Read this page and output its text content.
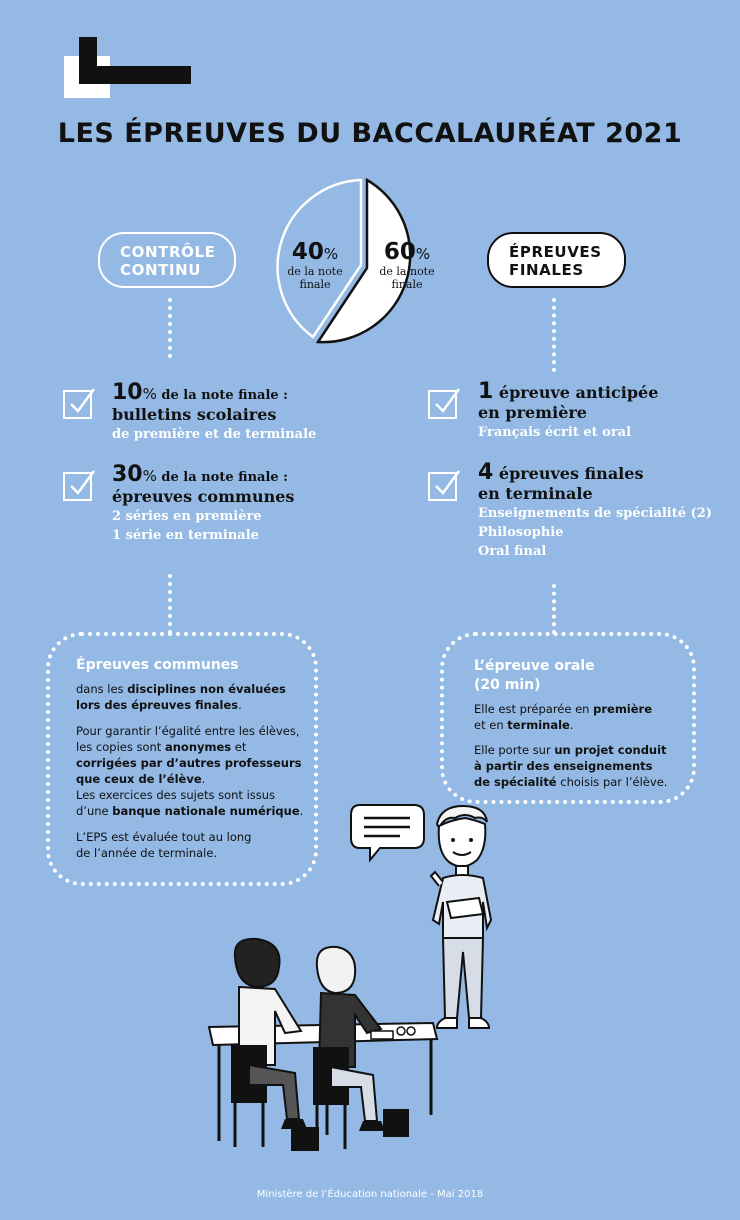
LES ÉPREUVES DU BACCALAURÉAT 2021
CONTRÔLE
CONTINU
ÉPREUVES
FINALES
40%
de la note
finale
60%
de la note
finale
10% de la note finale :
bulletins scolaires
de première et de terminale
30% de la note finale :
épreuves communes
2 séries en première
1 série en terminale
1 épreuve anticipée
en première
Français écrit et oral
4 épreuves finales
en terminale
Enseignements de spécialité (2)
Philosophie
Oral final
Épreuves communes
dans les disciplines non évaluées
lors des épreuves finales.
Pour garantir l’égalité entre les élèves,
les copies sont anonymes et
corrigées par d’autres professeurs
que ceux de l’élève.
Les exercices des sujets sont issus
d’une banque nationale numérique.
L’EPS est évaluée tout au long
de l’année de terminale.
L’épreuve orale
(20 min)
Elle est préparée en première
et en terminale.
Elle porte sur un projet conduit
à partir des enseignements
de spécialité choisis par l’élève.
Ministère de l’Éducation nationale - Mai 2018
